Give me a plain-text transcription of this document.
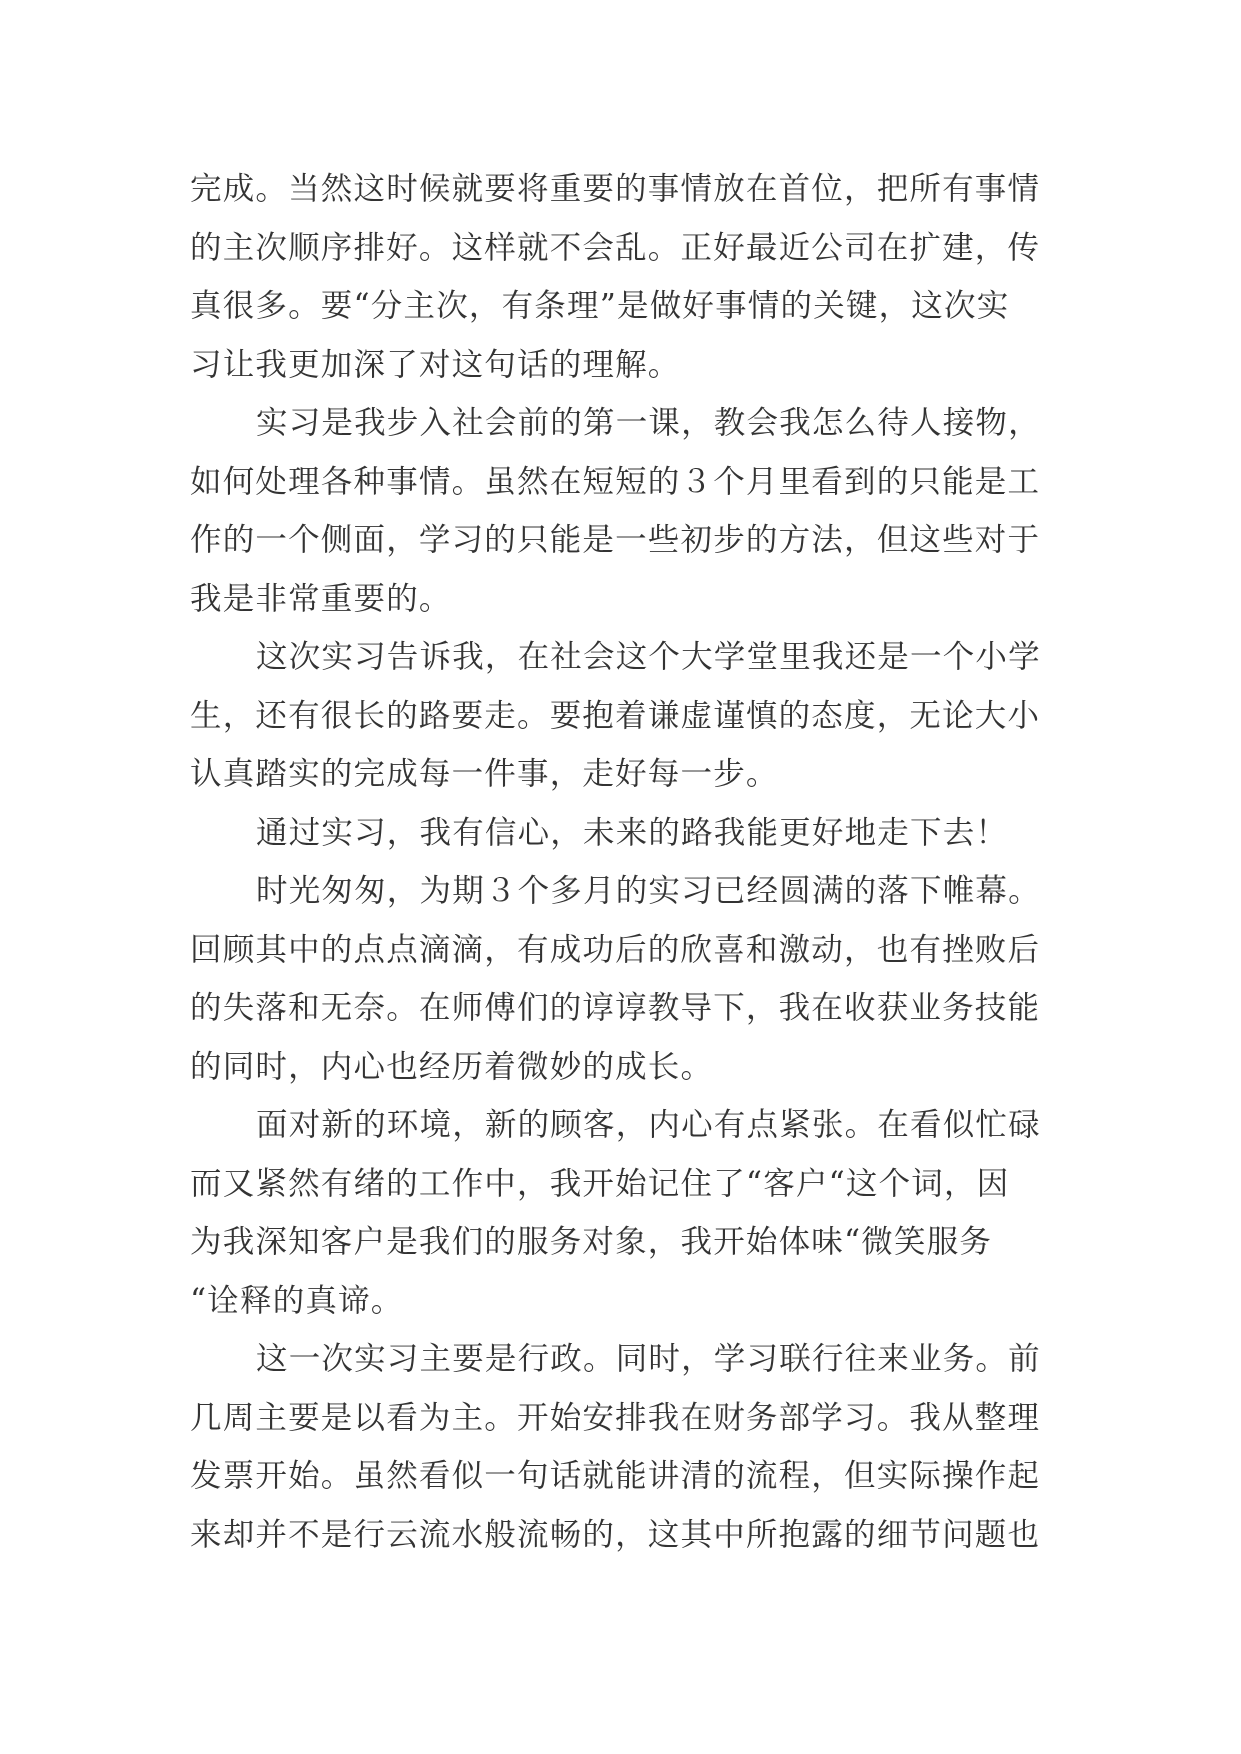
完成。当然这时候就要将重要的事情放在首位，把所有事情
的主次顺序排好。这样就不会乱。正好最近公司在扩建，传
真很多。要“分主次，有条理”是做好事情的关键，这次实
习让我更加深了对这句话的理解。
实习是我步入社会前的第一课，教会我怎么待人接物，
如何处理各种事情。虽然在短短的３个月里看到的只能是工
作的一个侧面，学习的只能是一些初步的方法，但这些对于
我是非常重要的。
这次实习告诉我，在社会这个大学堂里我还是一个小学
生，还有很长的路要走。要抱着谦虚谨慎的态度，无论大小
认真踏实的完成每一件事，走好每一步。
通过实习，我有信心，未来的路我能更好地走下去！
时光匆匆，为期３个多月的实习已经圆满的落下帷幕。
回顾其中的点点滴滴，有成功后的欣喜和激动，也有挫败后
的失落和无奈。在师傅们的谆谆教导下，我在收获业务技能
的同时，内心也经历着微妙的成长。
面对新的环境，新的顾客，内心有点紧张。在看似忙碌
而又紧然有绪的工作中，我开始记住了“客户“这个词，因
为我深知客户是我们的服务对象，我开始体味“微笑服务
“诠释的真谛。
这一次实习主要是行政。同时，学习联行往来业务。前
几周主要是以看为主。开始安排我在财务部学习。我从整理
发票开始。虽然看似一句话就能讲清的流程，但实际操作起
来却并不是行云流水般流畅的，这其中所抱露的细节问题也
